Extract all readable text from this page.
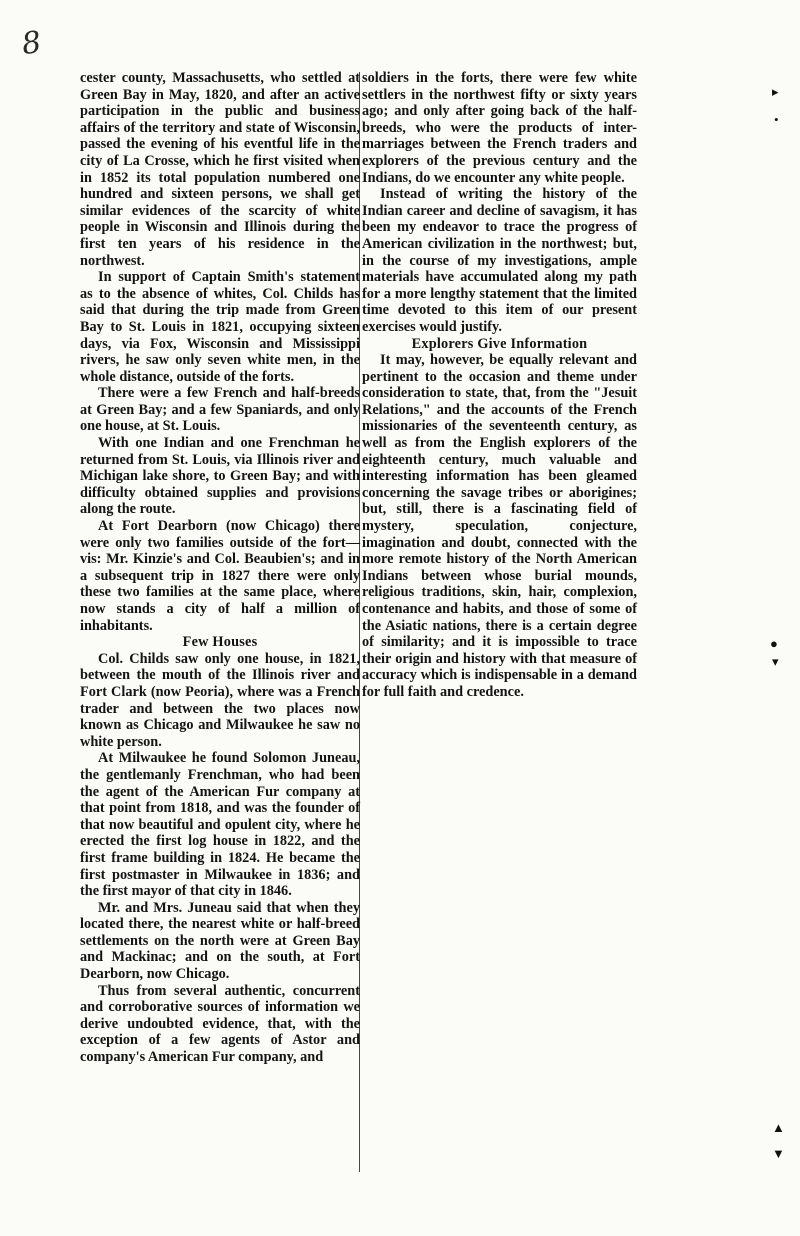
8

cester county, Massachusetts, who settled at Green Bay in May, 1820, and after an active participation in the public and business affairs of the territory and state of Wisconsin, passed the evening of his eventful life in the city of La Crosse, which he first visited when in 1852 its total population numbered one hundred and sixteen persons, we shall get similar evidences of the scarcity of white people in Wisconsin and Illinois during the first ten years of his residence in the northwest.

In support of Captain Smith's statement as to the absence of whites, Col. Childs has said that during the trip made from Green Bay to St. Louis in 1821, occupying sixteen days, via Fox, Wisconsin and Mississippi rivers, he saw only seven white men, in the whole distance, outside of the forts.

There were a few French and half-breeds at Green Bay; and a few Spaniards, and only one house, at St. Louis.

With one Indian and one Frenchman he returned from St. Louis, via Illinois river and Michigan lake shore, to Green Bay; and with difficulty obtained supplies and provisions along the route.

At Fort Dearborn (now Chicago) there were only two families outside of the fort—vis: Mr. Kinzie's and Col. Beaubien's; and in a subsequent trip in 1827 there were only these two families at the same place, where now stands a city of half a million of inhabitants.

Few Houses

Col. Childs saw only one house, in 1821, between the mouth of the Illinois river and Fort Clark (now Peoria), where was a French trader and between the two places now known as Chicago and Milwaukee he saw no white person.

At Milwaukee he found Solomon Juneau, the gentlemanly Frenchman, who had been the agent of the American Fur company at that point from 1818, and was the founder of that now beautiful and opulent city, where he erected the first log house in 1822, and the first frame building in 1824. He became the first postmaster in Milwaukee in 1836; and the first mayor of that city in 1846.

Mr. and Mrs. Juneau said that when they located there, the nearest white or half-breed settlements on the north were at Green Bay and Mackinac; and on the south, at Fort Dearborn, now Chicago.

Thus from several authentic, concurrent and corroborative sources of information we derive undoubted evidence, that, with the exception of a few agents of Astor and company's American Fur company, and

soldiers in the forts, there were few white settlers in the northwest fifty or sixty years ago; and only after going back of the half-breeds, who were the products of inter-marriages between the French traders and explorers of the previous century and the Indians, do we encounter any white people.

Instead of writing the history of the Indian career and decline of savagism, it has been my endeavor to trace the progress of American civilization in the northwest; but, in the course of my investigations, ample materials have accumulated along my path for a more lengthy statement that the limited time devoted to this item of our present exercises would justify.

Explorers Give Information

It may, however, be equally relevant and pertinent to the occasion and theme under consideration to state, that, from the "Jesuit Relations," and the accounts of the French missionaries of the seventeenth century, as well as from the English explorers of the eighteenth century, much valuable and interesting information has been gleamed concerning the savage tribes or aborigines; but, still, there is a fascinating field of mystery, speculation, conjecture, imagination and doubt, connected with the more remote history of the North American Indians between whose burial mounds, religious traditions, skin, hair, complexion, contenance and habits, and those of some of the Asiatic nations, there is a certain degree of similarity; and it is impossible to trace their origin and history with that measure of accuracy which is indispensable in a demand for full faith and credence.

▸
•
●
▾
▲
▼
